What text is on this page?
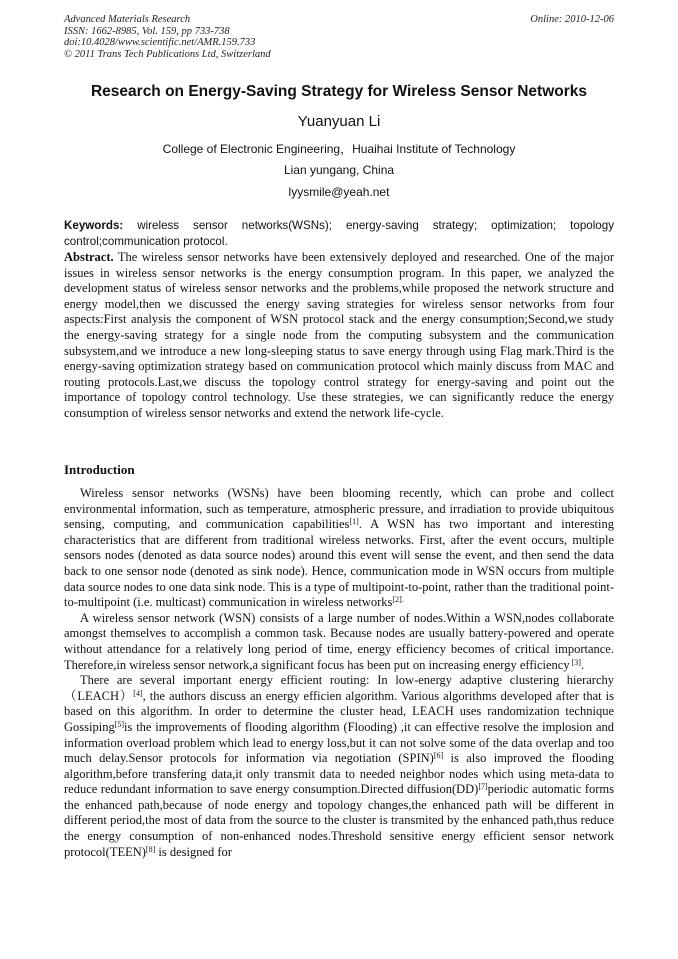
Advanced Materials Research
ISSN: 1662-8985, Vol. 159, pp 733-738
doi:10.4028/www.scientific.net/AMR.159.733
© 2011 Trans Tech Publications Ltd, Switzerland
Online: 2010-12-06
Research on Energy-Saving Strategy for Wireless Sensor Networks
Yuanyuan Li
College of Electronic Engineering，Huaihai Institute of Technology
Lian yungang, China
lyysmile@yeah.net
Keywords: wireless sensor networks(WSNs); energy-saving strategy; optimization; topology control;communication protocol.
Abstract. The wireless sensor networks have been extensively deployed and researched. One of the major issues in wireless sensor networks is the energy consumption program. In this paper, we analyzed the development status of wireless sensor networks and the problems,while proposed the network structure and energy model,then we discussed the energy saving strategies for wireless sensor networks from four aspects:First analysis the component of WSN protocol stack and the energy consumption;Second,we study the energy-saving strategy for a single node from the computing subsystem and the communication subsystem,and we introduce a new long-sleeping status to save energy through using Flag mark.Third is the energy-saving optimization strategy based on communication protocol which mainly discuss from MAC and routing protocols.Last,we discuss the topology control strategy for energy-saving and point out the importance of topology control technology. Use these strategies, we can significantly reduce the energy consumption of wireless sensor networks and extend the network life-cycle.
Introduction

Wireless sensor networks (WSNs) have been blooming recently, which can probe and collect environmental information, such as temperature, atmospheric pressure, and irradiation to provide ubiquitous sensing, computing, and communication capabilities[1]. A WSN has two important and interesting characteristics that are different from traditional wireless networks. First, after the event occurs, multiple sensors nodes (denoted as data source nodes) around this event will sense the event, and then send the data back to one sensor node (denoted as sink node). Hence, communication mode in WSN occurs from multiple data source nodes to one data sink node. This is a type of multipoint-to-point, rather than the traditional point-to-multipoint (i.e. multicast) communication in wireless networks$^{[2].}$

A wireless sensor network (WSN) consists of a large number of nodes.Within a WSN,nodes collaborate amongst themselves to accomplish a common task. Because nodes are usually battery-powered and operate without attendance for a relatively long period of time, energy efficiency becomes of critical importance. Therefore,in wireless sensor network,a significant focus has been put on increasing energy efficiency [3].

There are several important energy efficient routing: In low-energy adaptive clustering hierarchy（LEACH）[4], the authors discuss an energy efficien algorithm. Various algorithms developed after that is based on this algorithm. In order to determine the cluster head, LEACH uses randomization technique Gossiping[5]is the improvements of flooding algorithm (Flooding) ,it can effective resolve the implosion and information overload problem which lead to energy loss,but it can not solve some of the data overlap and too much delay.Sensor protocols for information via negotiation (SPIN)[6] is also improved the flooding algorithm,before transfering data,it only transmit data to needed neighbor nodes which using meta-data to reduce redundant information to save energy consumption.Directed diffusion(DD)[7]periodic automatic forms the enhanced path,because of node energy and topology changes,the enhanced path will be different in different period,the most of data from the source to the cluster is transmited by the enhanced path,thus reduce the energy consumption of non-enhanced nodes.Threshold sensitive energy efficient sensor network protocol(TEEN)[8] is designed for
